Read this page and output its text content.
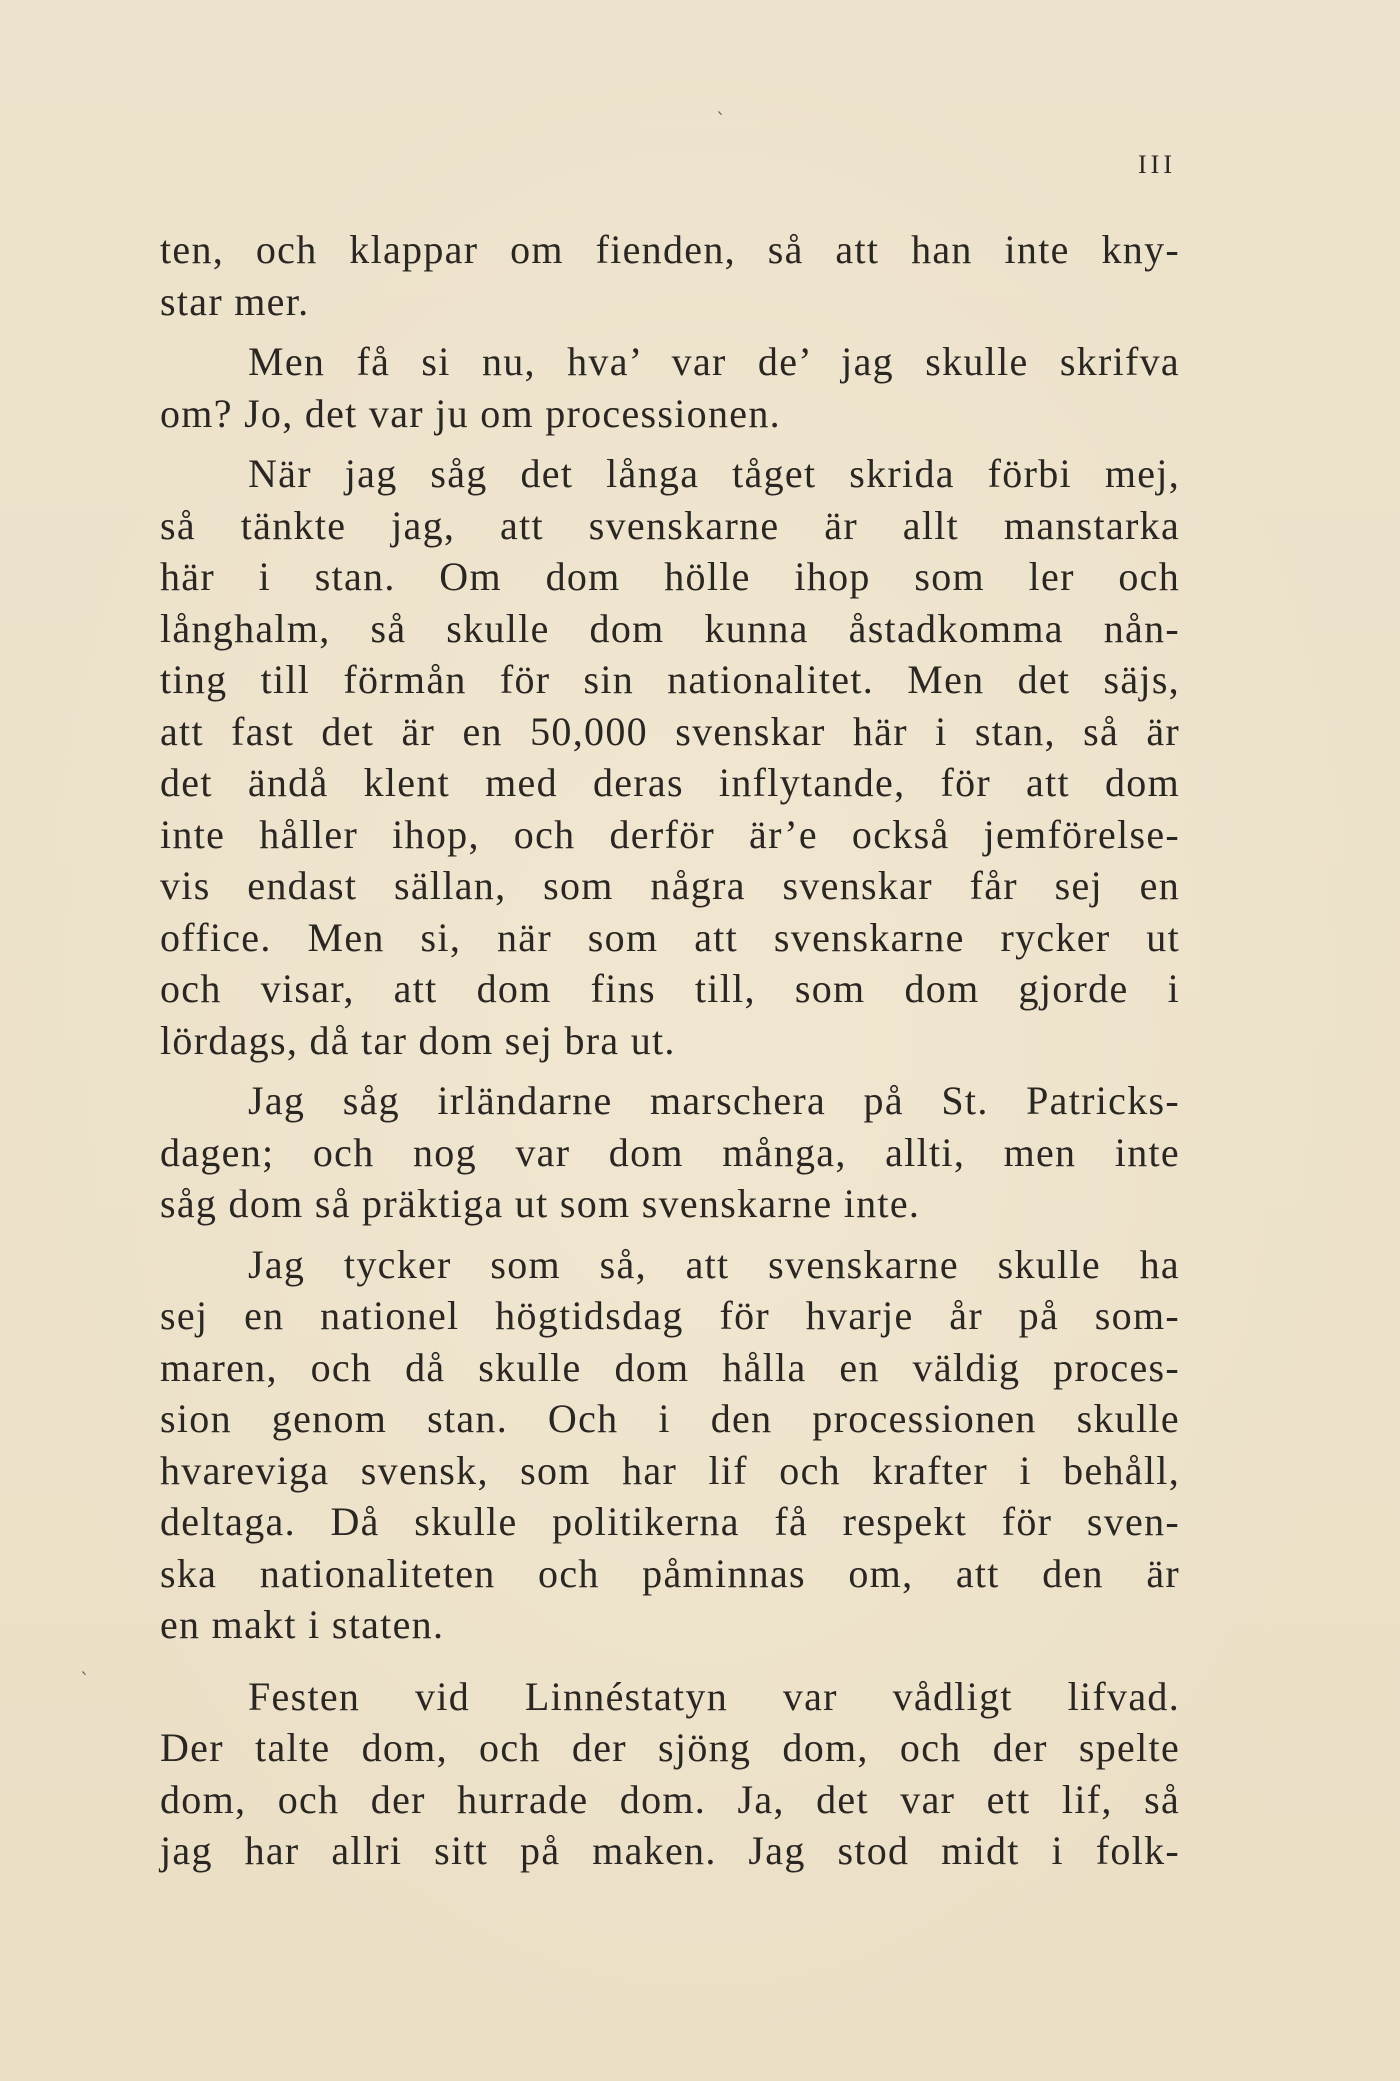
III
ˋ
ˋ
ten, och klappar om fienden, så att han inte kny-
star mer.
Men få si nu, hva’ var de’ jag skulle skrifva
om? Jo, det var ju om processionen.
När jag såg det långa tåget skrida förbi mej,
så tänkte jag, att svenskarne är allt manstarka
här i stan. Om dom hölle ihop som ler och
långhalm, så skulle dom kunna åstadkomma nån-
ting till förmån för sin nationalitet. Men det säjs,
att fast det är en 50,000 svenskar här i stan, så är
det ändå klent med deras inflytande, för att dom
inte håller ihop, och derför är’e också jemförelse-
vis endast sällan, som några svenskar får sej en
office. Men si, när som att svenskarne rycker ut
och visar, att dom fins till, som dom gjorde i
lördags, då tar dom sej bra ut.
Jag såg irländarne marschera på St. Patricks-
dagen; och nog var dom många, allti, men inte
såg dom så präktiga ut som svenskarne inte.
Jag tycker som så, att svenskarne skulle ha
sej en nationel högtidsdag för hvarje år på som-
maren, och då skulle dom hålla en väldig proces-
sion genom stan. Och i den processionen skulle
hvareviga svensk, som har lif och krafter i behåll,
deltaga. Då skulle politikerna få respekt för sven-
ska nationaliteten och påminnas om, att den är
en makt i staten.
Festen vid Linnéstatyn var vådligt lifvad.
Der talte dom, och der sjöng dom, och der spelte
dom, och der hurrade dom. Ja, det var ett lif, så
jag har allri sitt på maken. Jag stod midt i folk-
